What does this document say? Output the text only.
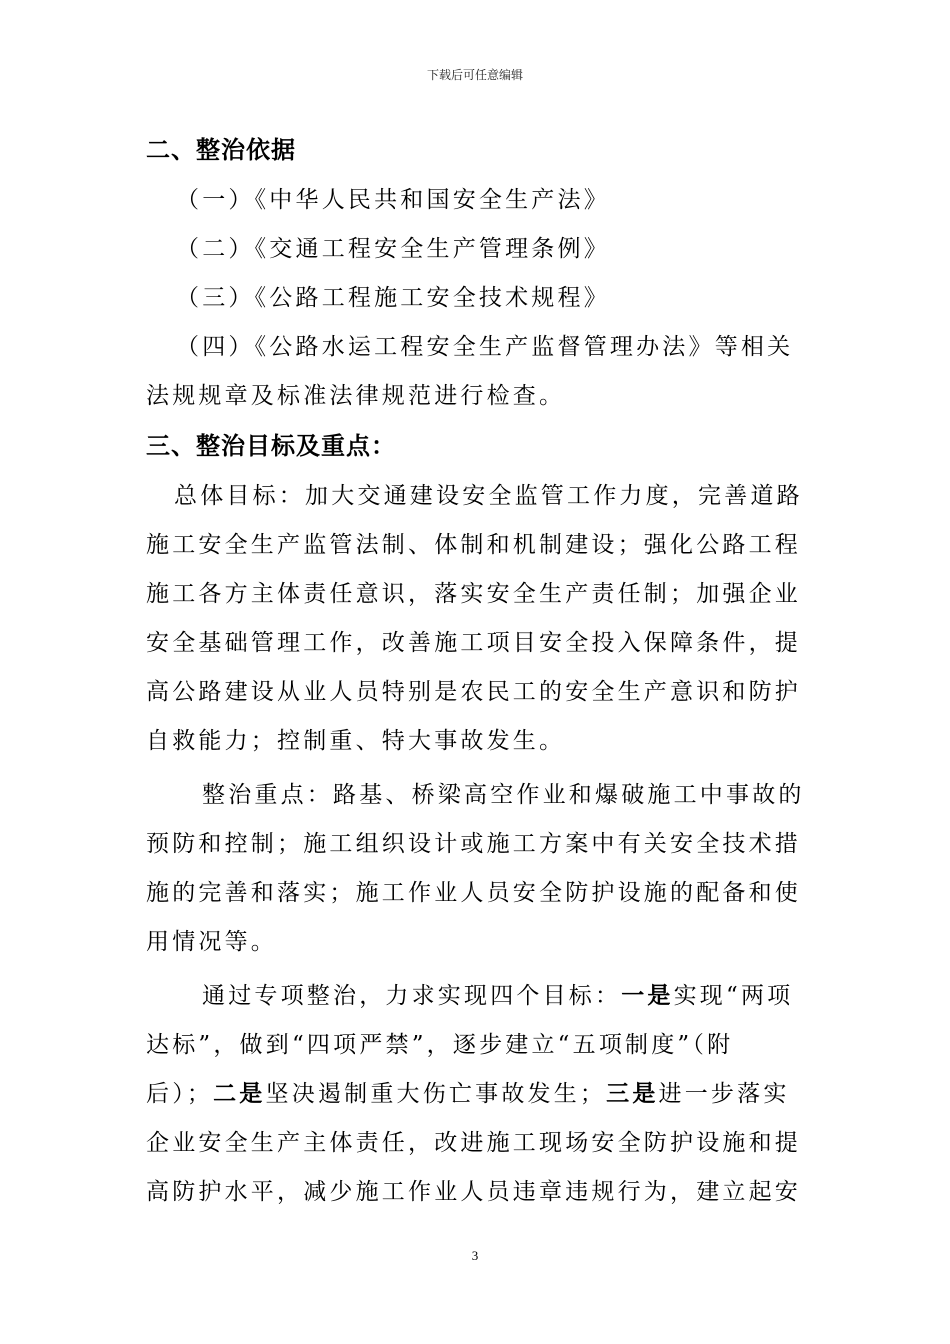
下载后可任意编辑
二、整治依据
（一）《中华人民共和国安全生产法》
（二）《交通工程安全生产管理条例》
（三）《公路工程施工安全技术规程》
（四）《公路水运工程安全生产监督管理办法》等相关
法规规章及标准法律规范进行检查。
三、整治目标及重点：
总体目标：加大交通建设安全监管工作力度，完善道路
施工安全生产监管法制、体制和机制建设；强化公路工程
施工各方主体责任意识，落实安全生产责任制；加强企业
安全基础管理工作，改善施工项目安全投入保障条件，提
高公路建设从业人员特别是农民工的安全生产意识和防护
自救能力；控制重、特大事故发生。
整治重点：路基、桥梁高空作业和爆破施工中事故的
预防和控制；施工组织设计或施工方案中有关安全技术措
施的完善和落实；施工作业人员安全防护设施的配备和使
用情况等。
通过专项整治，力求实现四个目标：一是实现“两项
达标”，做到“四项严禁”，逐步建立“五项制度”（附
后）；二是坚决遏制重大伤亡事故发生；三是进一步落实
企业安全生产主体责任，改进施工现场安全防护设施和提
高防护水平，减少施工作业人员违章违规行为，建立起安
3
